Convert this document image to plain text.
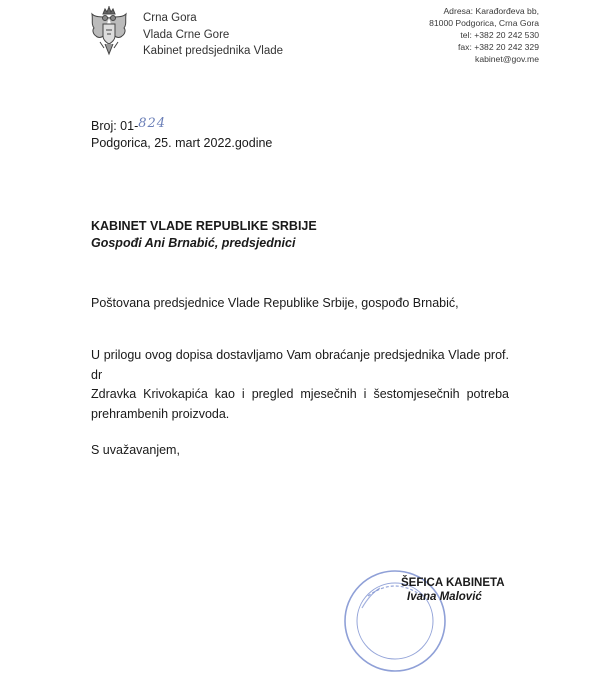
Crna Gora
Vlada Crne Gore
Kabinet predsjednika Vlade
Adresa: Karađorđeva bb,
81000 Podgorica, Crna Gora
tel: +382 20 242 530
fax: +382 20 242 329
kabinet@gov.me
Broj: 01-824
Podgorica, 25. mart 2022.godine
KABINET VLADE REPUBLIKE SRBIJE
Gospođi Ani Brnabić, predsjednici
Poštovana predsjednice Vlade Republike Srbije, gospođo Brnabić,
U prilogu ovog dopisa dostavljamo Vam obraćanje predsjednika Vlade prof. dr
Zdravka Krivokapića kao i pregled mjesečnih i šestomjesečnih potreba
prehrambenih proizvoda.
S uvažavanjem,
ŠEFICA KABINETA
Ivana Malović
